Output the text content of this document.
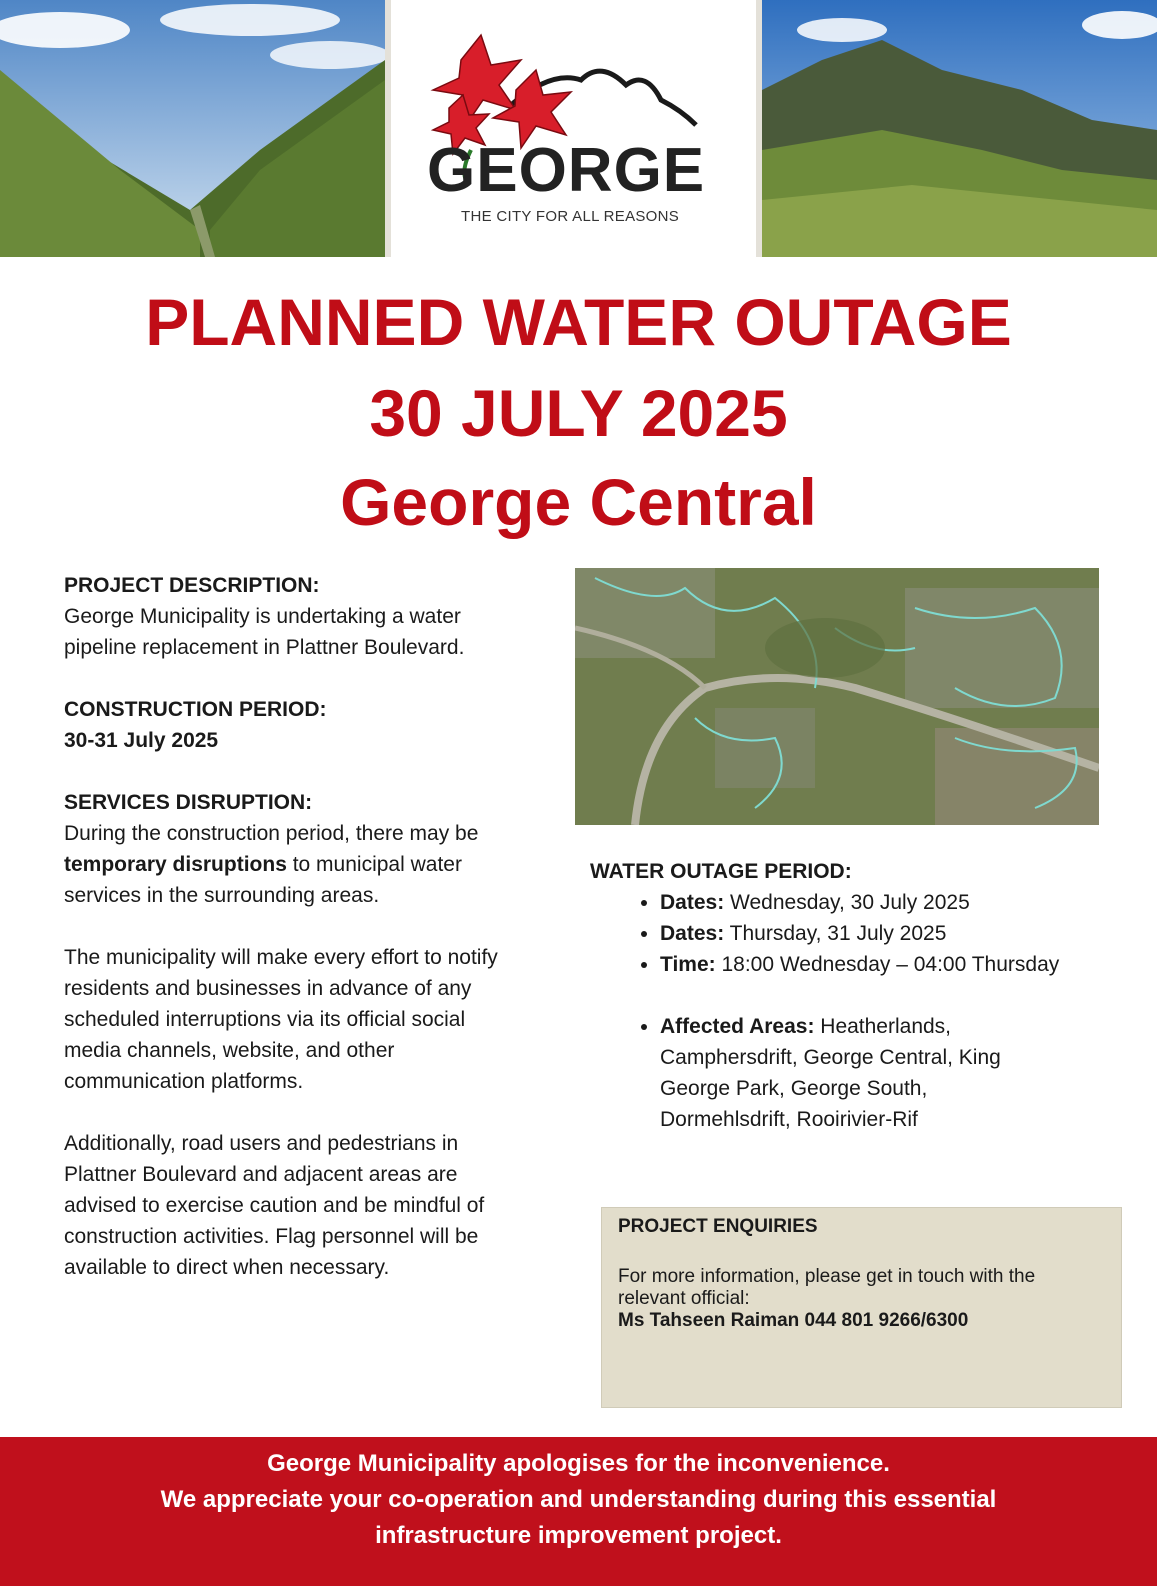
GEORGE
THE CITY FOR ALL REASONS
PLANNED WATER OUTAGE
30 JULY 2025
George Central

PROJECT DESCRIPTION:
George Municipality is undertaking a water pipeline replacement in Plattner Boulevard.

CONSTRUCTION PERIOD:
30-31 July 2025

SERVICES DISRUPTION:
During the construction period, there may be temporary disruptions to municipal water services in the surrounding areas.

The municipality will make every effort to notify residents and businesses in advance of any scheduled interruptions via its official social media channels, website, and other communication platforms.

Additionally, road users and pedestrians in Plattner Boulevard and adjacent areas are advised to exercise caution and be mindful of construction activities. Flag personnel will be available to direct when necessary.

WATER OUTAGE PERIOD:
• Dates: Wednesday, 30 July 2025
• Dates: Thursday, 31 July 2025
• Time: 18:00 Wednesday – 04:00 Thursday
• Affected Areas: Heatherlands, Camphersdrift, George Central, King George Park, George South, Dormehlsdrift, Rooirivier-Rif
PROJECT ENQUIRIES
For more information, please get in touch with the relevant official:
Ms Tahseen Raiman 044 801 9266/6300
George Municipality apologises for the inconvenience.
We appreciate your co-operation and understanding during this essential
infrastructure improvement project.
